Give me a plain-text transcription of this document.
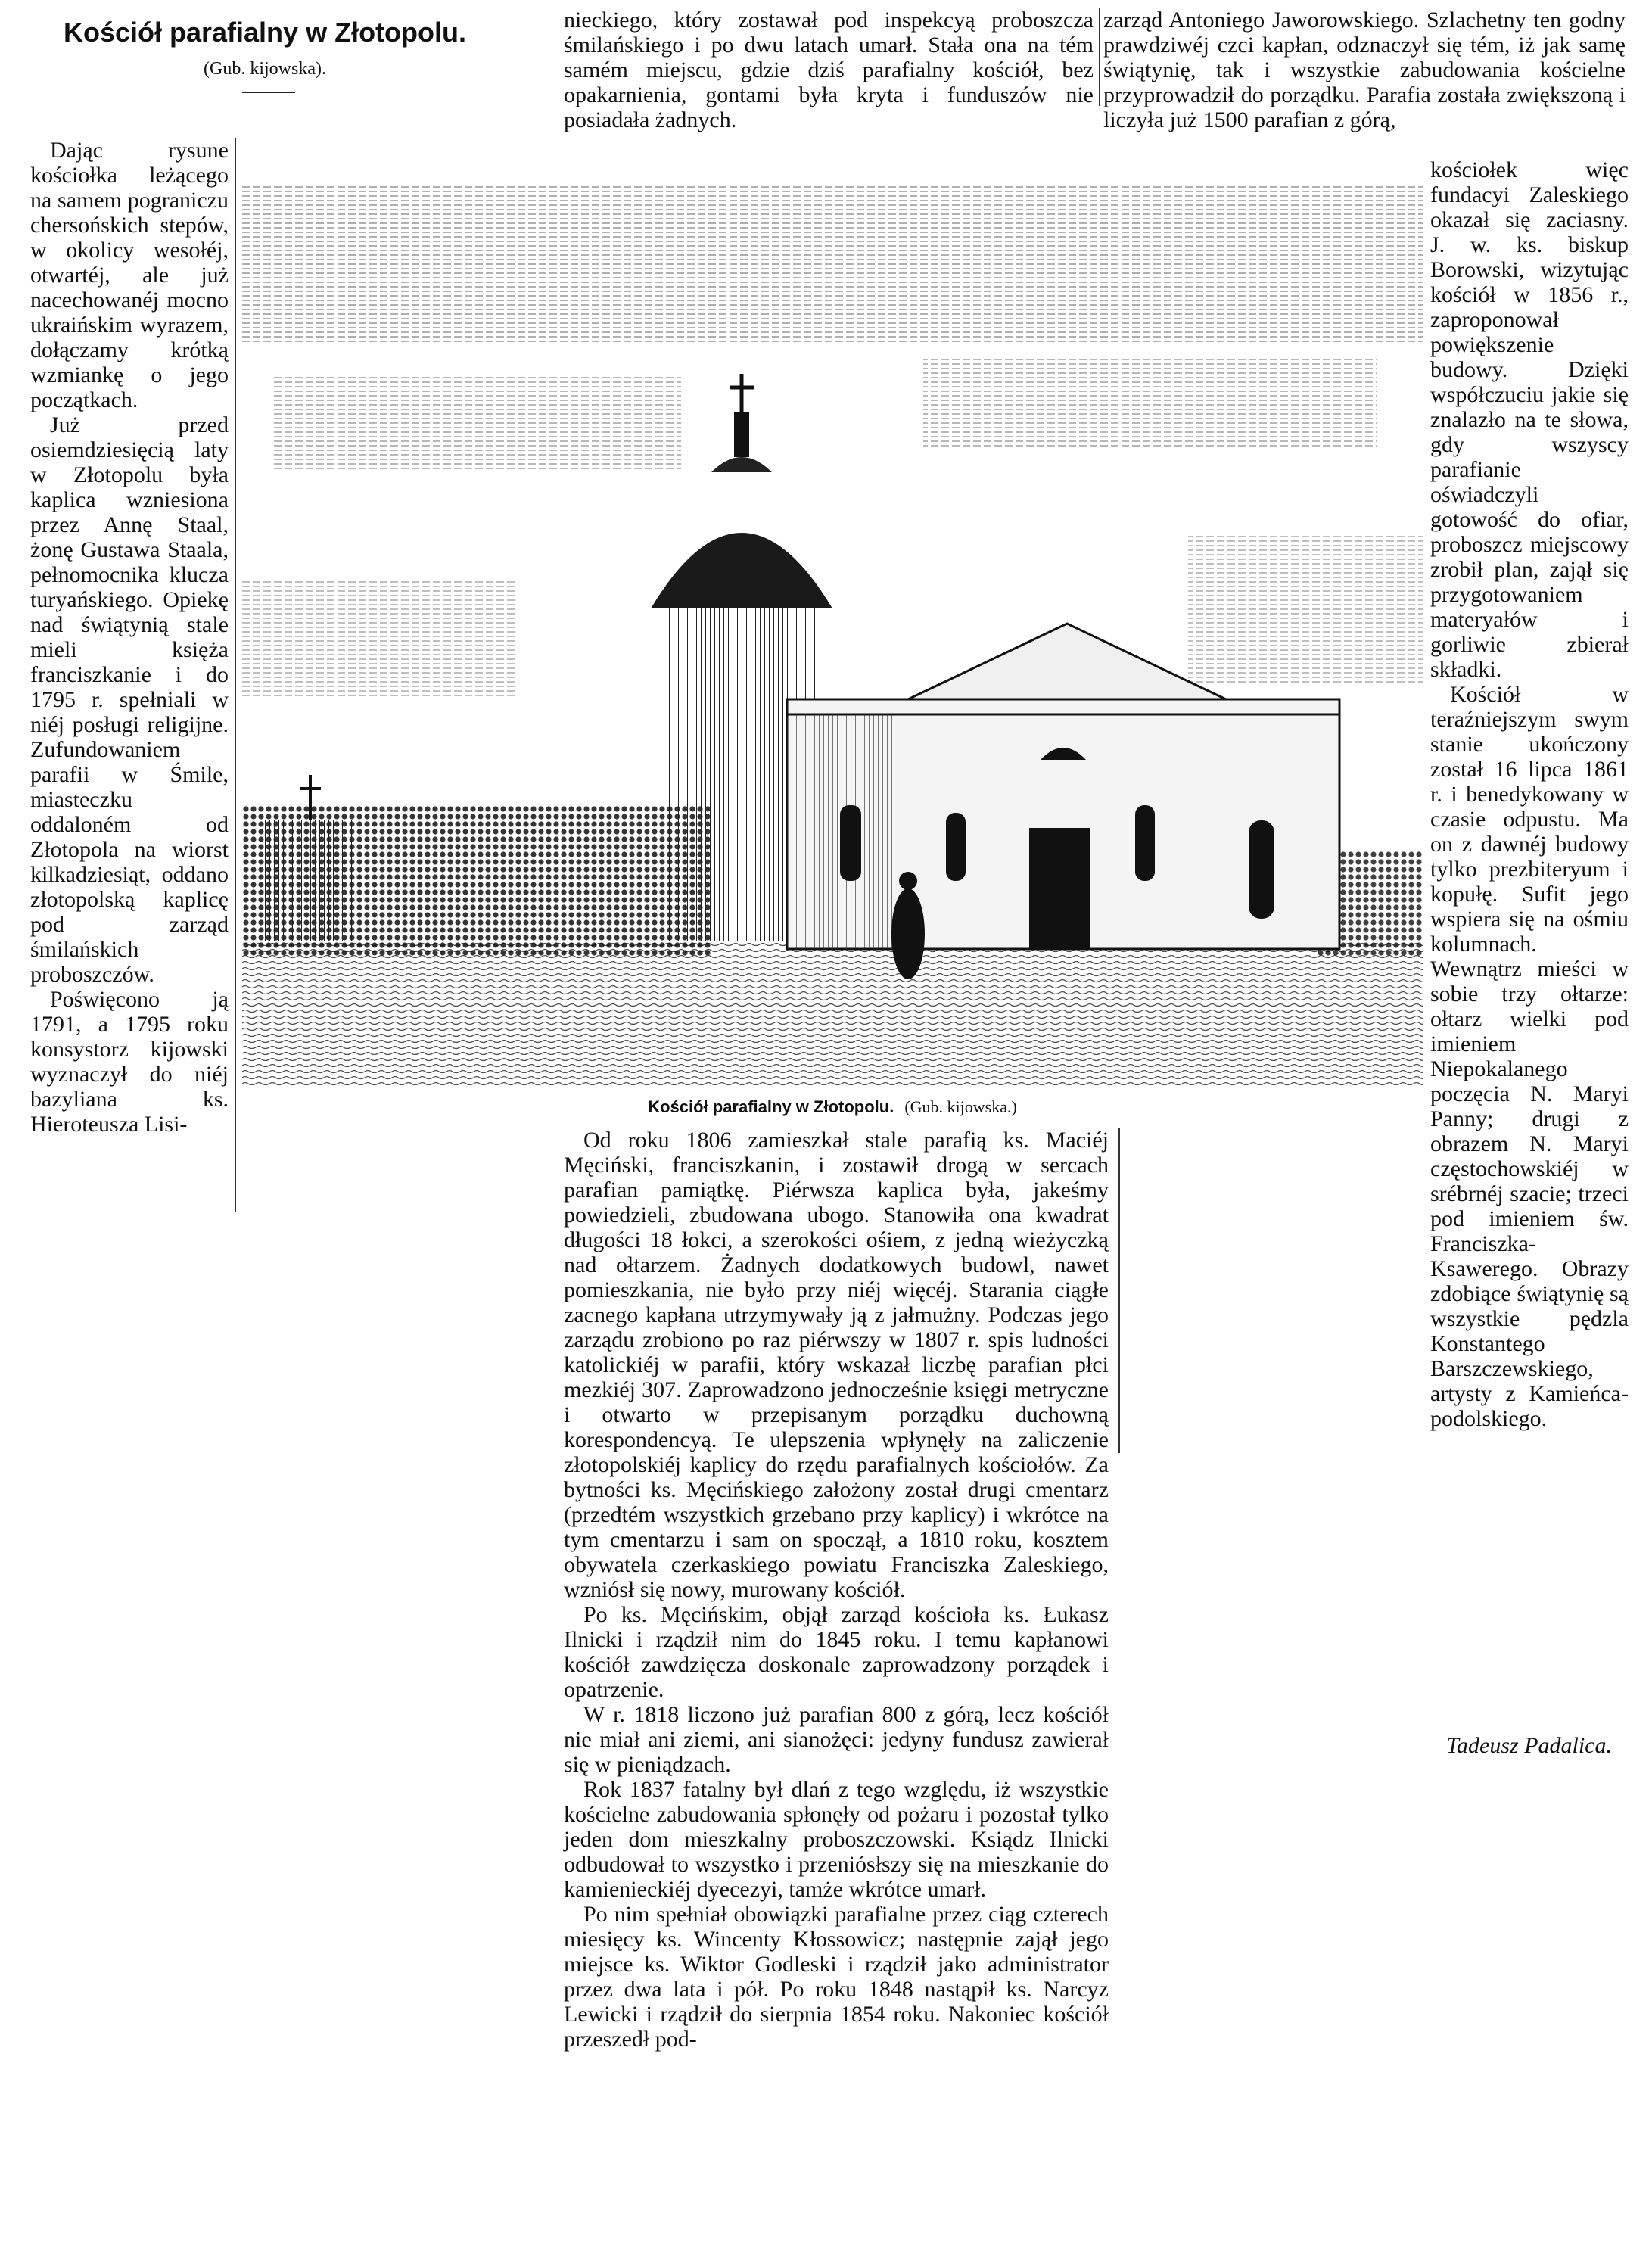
Kościół parafialny w Złotopolu.
(Gub. kijowska).

Dając rysune kościołka leżącego na samem pograniczu chersońskich stepów, w okolicy wesołéj, otwartéj, ale już nacechowanéj mocno ukraińskim wyrazem, dołączamy krótką wzmiankę o jego początkach.

Już przed osiemdziesięcią laty w Złotopolu była kaplica wzniesiona przez Annę Staal, żonę Gustawa Staala, pełnomocnika klucza turyańskiego. Opiekę nad świątynią stale mieli księża franciszkanie i do 1795 r. spełniali w niéj posługi religijne. Zufundowaniem parafii w Śmile, miasteczku oddaloném od Złotopola na wiorst kilkadziesiąt, oddano złotopolską kaplicę pod zarząd śmilańskich proboszczów.

Poświęcono ją 1791, a 1795 roku konsystorz kijowski wyznaczył do niéj bazyliana ks. Hieroteusza Lisi-

nieckiego, który zostawał pod inspekcyą proboszcza śmilańskiego i po dwu latach umarł. Stała ona na tém samém miejscu, gdzie dziś parafialny kościół, bez opakarnienia, gontami była kryta i funduszów nie posiadała żadnych.

zarząd Antoniego Jaworowskiego. Szlachetny ten godny prawdziwéj czci kapłan, odznaczył się tém, iż jak samę świątynię, tak i wszystkie zabudowania kościelne przyprowadził do porządku. Parafia została zwiększoną i liczyła już 1500 parafian z górą,

kościołek więc fundacyi Zaleskiego okazał się zaciasny. J. w. ks. biskup Borowski, wizytując kościół w 1856 r., zaproponował powiększenie budowy. Dzięki współczuciu jakie się znalazło na te słowa, gdy wszyscy parafianie oświadczyli gotowość do ofiar, proboszcz miejscowy zrobił plan, zajął się przygotowaniem materyałów i gorliwie zbierał składki.

Kościół w teraźniejszym swym stanie ukończony został 16 lipca 1861 r. i benedykowany w czasie odpustu. Ma on z dawnéj budowy tylko prezbiteryum i kopułę. Sufit jego wspiera się na ośmiu kolumnach. Wewnątrz mieści w sobie trzy ołtarze: ołtarz wielki pod imieniem Niepokalanego poczęcia N. Maryi Panny; drugi z obrazem N. Maryi częstochowskiéj w srébrnéj szacie; trzeci pod imieniem św. Franciszka-Ksawerego. Obrazy zdobiące świątynię są wszystkie pędzla Konstantego Barszczewskiego, artysty z Kamieńca-podolskiego.

Kościół parafialny w Złotopolu. (Gub. kijowska.)

Od roku 1806 zamieszkał stale parafią ks. Maciéj Męciński, franciszkanin, i zostawił drogą w sercach parafian pamiątkę. Piérwsza kaplica była, jakeśmy powiedzieli, zbudowana ubogo. Stanowiła ona kwadrat długości 18 łokci, a szerokości ośiem, z jedną wieżyczką nad ołtarzem. Żadnych dodatkowych budowl, nawet pomieszkania, nie było przy niéj więcéj. Starania ciągłe zacnego kapłana utrzymywały ją z jałmużny. Podczas jego zarządu zrobiono po raz piérwszy w 1807 r. spis ludności katolickiéj w parafii, który wskazał liczbę parafian płci mezkiéj 307. Zaprowadzono jednocześnie księgi metryczne i otwarto w przepisanym porządku duchowną korespondencyą. Te ulepszenia wpłynęły na zaliczenie złotopolskiéj kaplicy do rzędu parafialnych kościołów. Za bytności ks. Męcińskiego założony został drugi cmentarz (przedtém wszystkich grzebano przy kaplicy) i wkrótce na tym cmentarzu i sam on spoczął, a 1810 roku, kosztem obywatela czerkaskiego powiatu Franciszka Zaleskiego, wzniósł się nowy, murowany kościół.

Po ks. Męcińskim, objął zarząd kościoła ks. Łukasz Ilnicki i rządził nim do 1845 roku. I temu kapłanowi kościół zawdzięcza doskonale zaprowadzony porządek i opatrzenie.

W r. 1818 liczono już parafian 800 z górą, lecz kościół nie miał ani ziemi, ani sianożęci: jedyny fundusz zawierał się w pieniądzach.

Rok 1837 fatalny był dlań z tego względu, iż wszystkie kościelne zabudowania spłonęły od pożaru i pozostał tylko jeden dom mieszkalny proboszczowski. Ksiądz Ilnicki odbudował to wszystko i przeniósłszy się na mieszkanie do kamienieckiéj dyecezyi, tamże wkrótce umarł.

Po nim spełniał obowiązki parafialne przez ciąg czterech miesięcy ks. Wincenty Kłossowicz; następnie zajął jego miejsce ks. Wiktor Godleski i rządził jako administrator przez dwa lata i pół. Po roku 1848 nastąpił ks. Narcyz Lewicki i rządził do sierpnia 1854 roku. Nakoniec kościół przeszedł pod-

Tadeusz Padalica.
